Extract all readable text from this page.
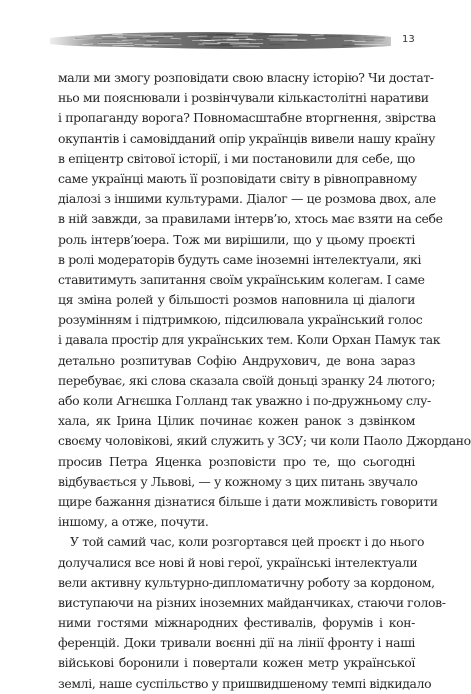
13
мали ми змогу розповідати свою власну історію? Чи достат-
ньо ми пояснювали і розвінчували кількастолітні наративи
і пропаганду ворога? Повномасштабне вторгнення, звірства
окупантів і самовідданий опір українців вивели нашу країну
в епіцентр світової історії, і ми постановили для себе, що
саме українці мають її розповідати світу в рівноправному
діалозі з іншими культурами. Діалог — це розмова двох, але
в ній завжди, за правилами інтерв’ю, хтось має взяти на себе
роль інтерв’юера. Тож ми вирішили, що у цьому проєкті
в ролі модераторів будуть саме іноземні інтелектуали, які
ставитимуть запитання своїм українським колегам. І саме
ця зміна ролей у більшості розмов наповнила ці діалоги
розумінням і підтримкою, підсилювала український голос
і давала простір для українських тем. Коли Орхан Памук так
детально розпитував Софію Андрухович, де вона зараз
перебуває, які слова сказала своїй доньці зранку 24 лютого;
або коли Агнєшка Голланд так уважно і по-дружньому слу-
хала, як Ірина Цілик починає кожен ранок з дзвінком
своєму чоловікові, який служить у ЗСУ; чи коли Паоло Джордано
просив Петра Яценка розповісти про те, що сьогодні
відбувається у Львові, — у кожному з цих питань звучало
щире бажання дізнатися більше і дати можливість говорити
іншому, а отже, почути.
У той самий час, коли розгортався цей проєкт і до нього
долучалися все нові й нові герої, українські інтелектуали
вели активну культурно-дипломатичну роботу за кордоном,
виступаючи на різних іноземних майданчиках, стаючи голов-
ними гостями міжнародних фестивалів, форумів і кон-
ференцій. Доки тривали воєнні дії на лінії фронту і наші
військові боронили і повертали кожен метр української
землі, наше суспільство у пришвидшеному темпі відкидало
